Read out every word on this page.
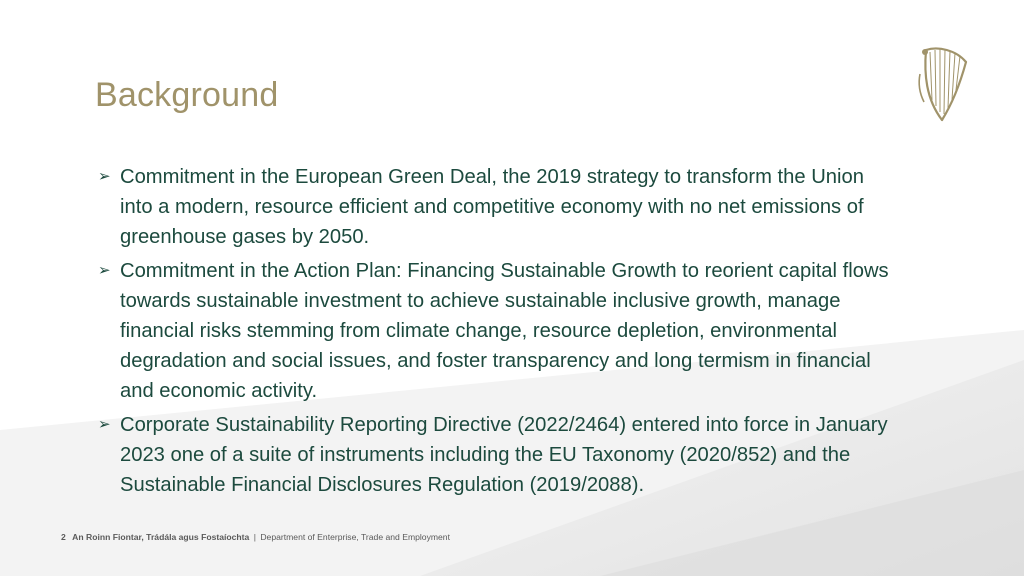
Background
➢ Commitment in the European Green Deal, the 2019 strategy to transform the Union into a modern, resource efficient and competitive economy with no net emissions of greenhouse gases by 2050.
➢ Commitment in the Action Plan: Financing Sustainable Growth to reorient capital flows towards sustainable investment to achieve sustainable inclusive growth, manage financial risks stemming from climate change, resource depletion, environmental degradation and social issues, and foster transparency and long termism in financial and economic activity.
➢ Corporate Sustainability Reporting Directive (2022/2464) entered into force in January 2023 one of a suite of instruments including the EU Taxonomy (2020/852) and the Sustainable Financial Disclosures Regulation (2019/2088).
2 An Roinn Fiontar, Trádála agus Fostaíochta | Department of Enterprise, Trade and Employment
